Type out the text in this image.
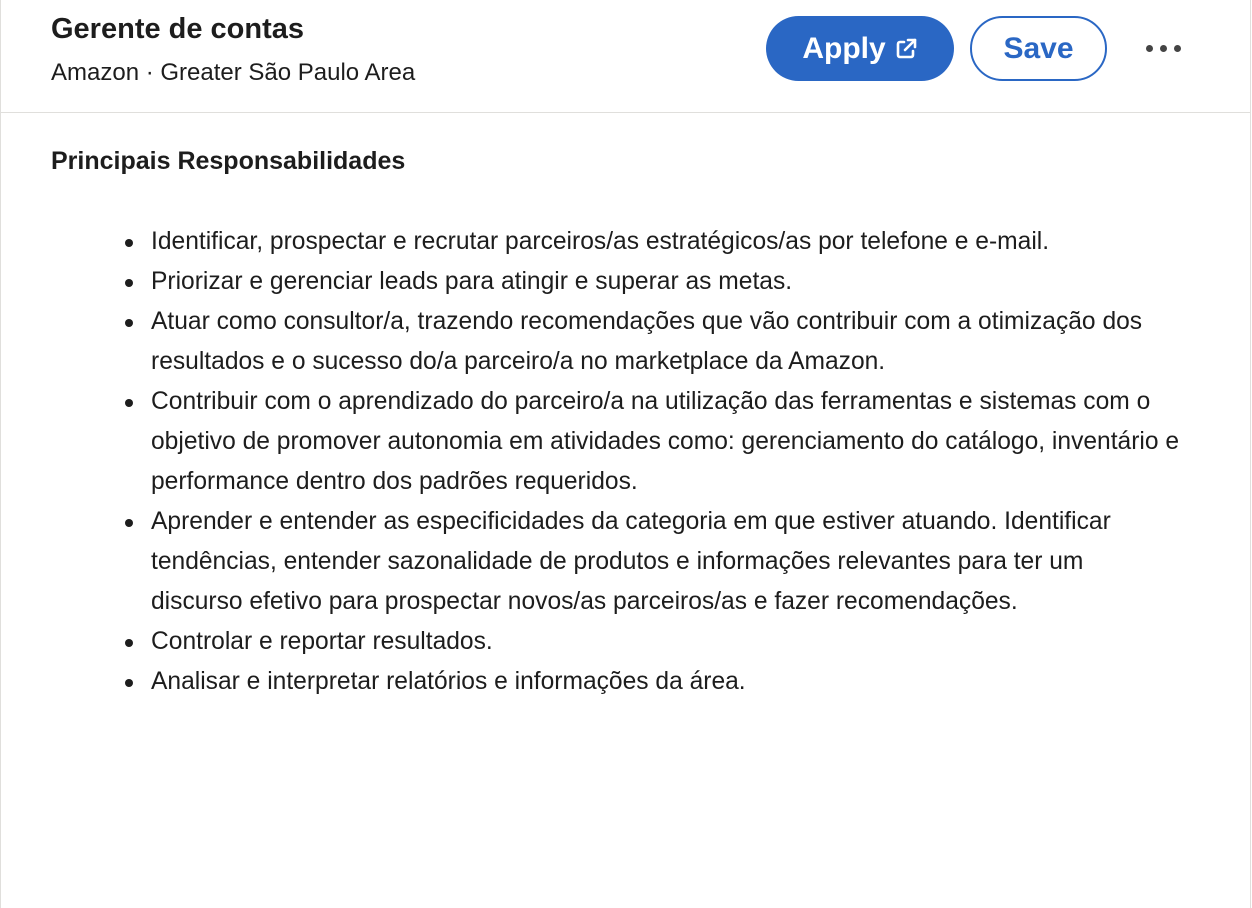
Gerente de contas
Amazon · Greater São Paulo Area
Apply	Save
Principais Responsabilidades
Identificar, prospectar e recrutar parceiros/as estratégicos/as por telefone e e-mail.
Priorizar e gerenciar leads para atingir e superar as metas.
Atuar como consultor/a, trazendo recomendações que vão contribuir com a otimização dos resultados e o sucesso do/a parceiro/a no marketplace da Amazon.
Contribuir com o aprendizado do parceiro/a na utilização das ferramentas e sistemas com o objetivo de promover autonomia em atividades como: gerenciamento do catálogo, inventário e performance dentro dos padrões requeridos.
Aprender e entender as especificidades da categoria em que estiver atuando. Identificar tendências, entender sazonalidade de produtos e informações relevantes para ter um discurso efetivo para prospectar novos/as parceiros/as e fazer recomendações.
Controlar e reportar resultados.
Analisar e interpretar relatórios e informações da área.
